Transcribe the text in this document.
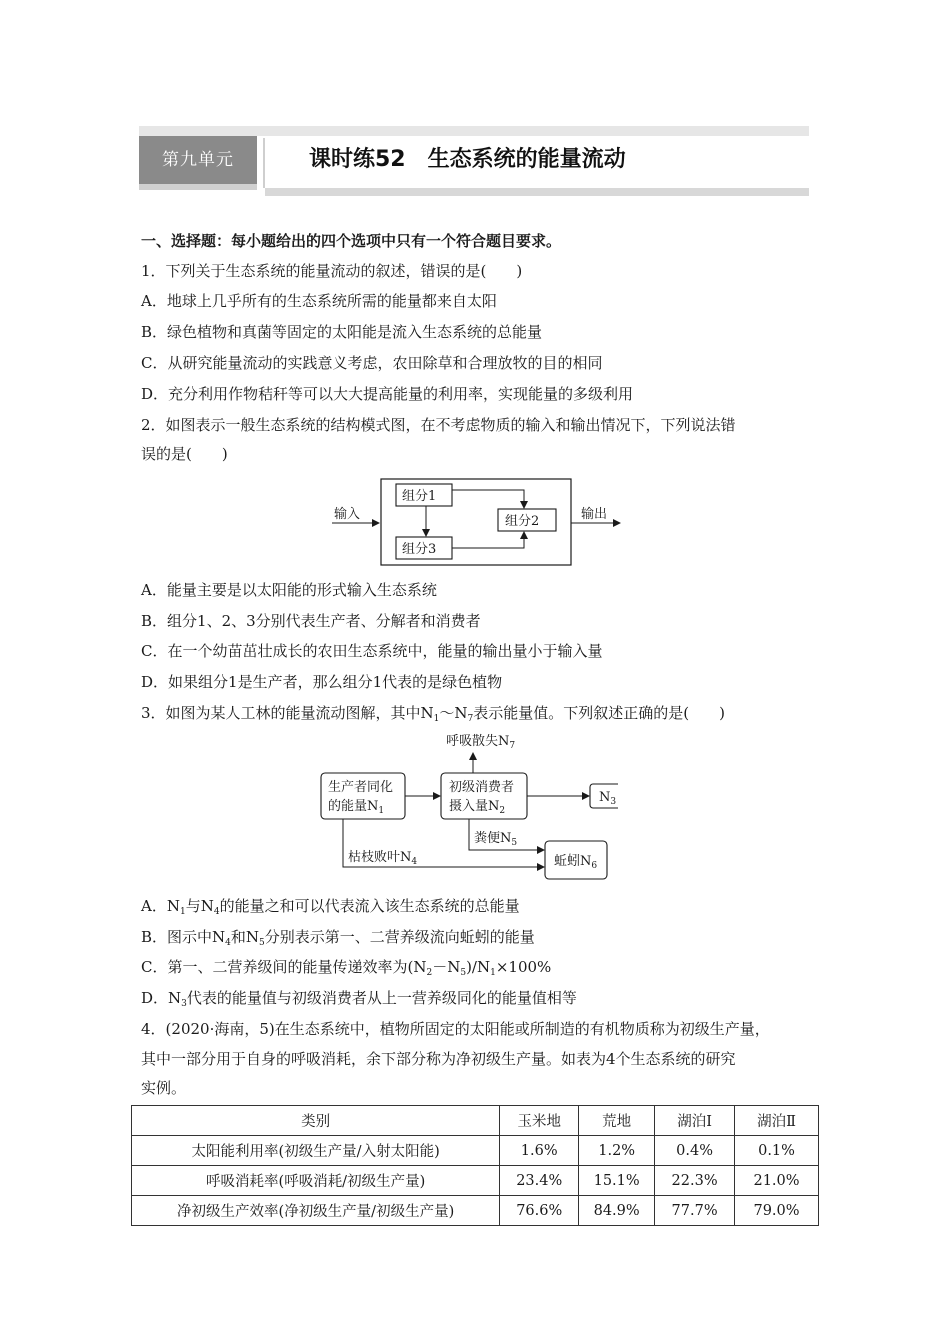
第九单元	课时练52　生态系统的能量流动
一、选择题：每小题给出的四个选项中只有一个符合题目要求。
1．下列关于生态系统的能量流动的叙述，错误的是(　　)
A．地球上几乎所有的生态系统所需的能量都来自太阳
B．绿色植物和真菌等固定的太阳能是流入生态系统的总能量
C．从研究能量流动的实践意义考虑，农田除草和合理放牧的目的相同
D．充分利用作物秸秆等可以大大提高能量的利用率，实现能量的多级利用
2．如图表示一般生态系统的结构模式图，在不考虑物质的输入和输出情况下，下列说法错
误的是(　　)
输入	输出
组分1
组分2
组分3
A．能量主要是以太阳能的形式输入生态系统
B．组分1、2、3分别代表生产者、分解者和消费者
C．在一个幼苗茁壮成长的农田生态系统中，能量的输出量小于输入量
D．如果组分1是生产者，那么组分1代表的是绿色植物
3．如图为某人工林的能量流动图解，其中$N_1\sim N_7$表示能量值。下列叙述正确的是(　　)
呼吸散失$N_7$
生产者同化
的能量$N_1$
初级消费者
摄入量$N_2$
$N_3$
粪便$N_5$
枯枝败叶$N_4$	蚯蚓$N_6$
A．$N_1$与$N_4$的能量之和可以代表流入该生态系统的总能量
B．图示中$N_4$和$N_5$分别表示第一、二营养级流向蚯蚓的能量
C．第一、二营养级间的能量传递效率为$(N_2-N_5)/N_1\times 100\%$
D．$N_3$代表的能量值与初级消费者从上一营养级同化的能量值相等
4．(2020·海南，5)在生态系统中，植物所固定的太阳能或所制造的有机物质称为初级生产量，
其中一部分用于自身的呼吸消耗，余下部分称为净初级生产量。如表为4个生态系统的研究
实例。
类别	玉米地	荒地	湖泊Ⅰ	湖泊Ⅱ
太阳能利用率(初级生产量/入射太阳能)	1.6%	1.2%	0.4%	0.1%
呼吸消耗率(呼吸消耗/初级生产量)	23.4%	15.1%	22.3%	21.0%
净初级生产效率(净初级生产量/初级生产量)	76.6%	84.9%	77.7%	79.0%
